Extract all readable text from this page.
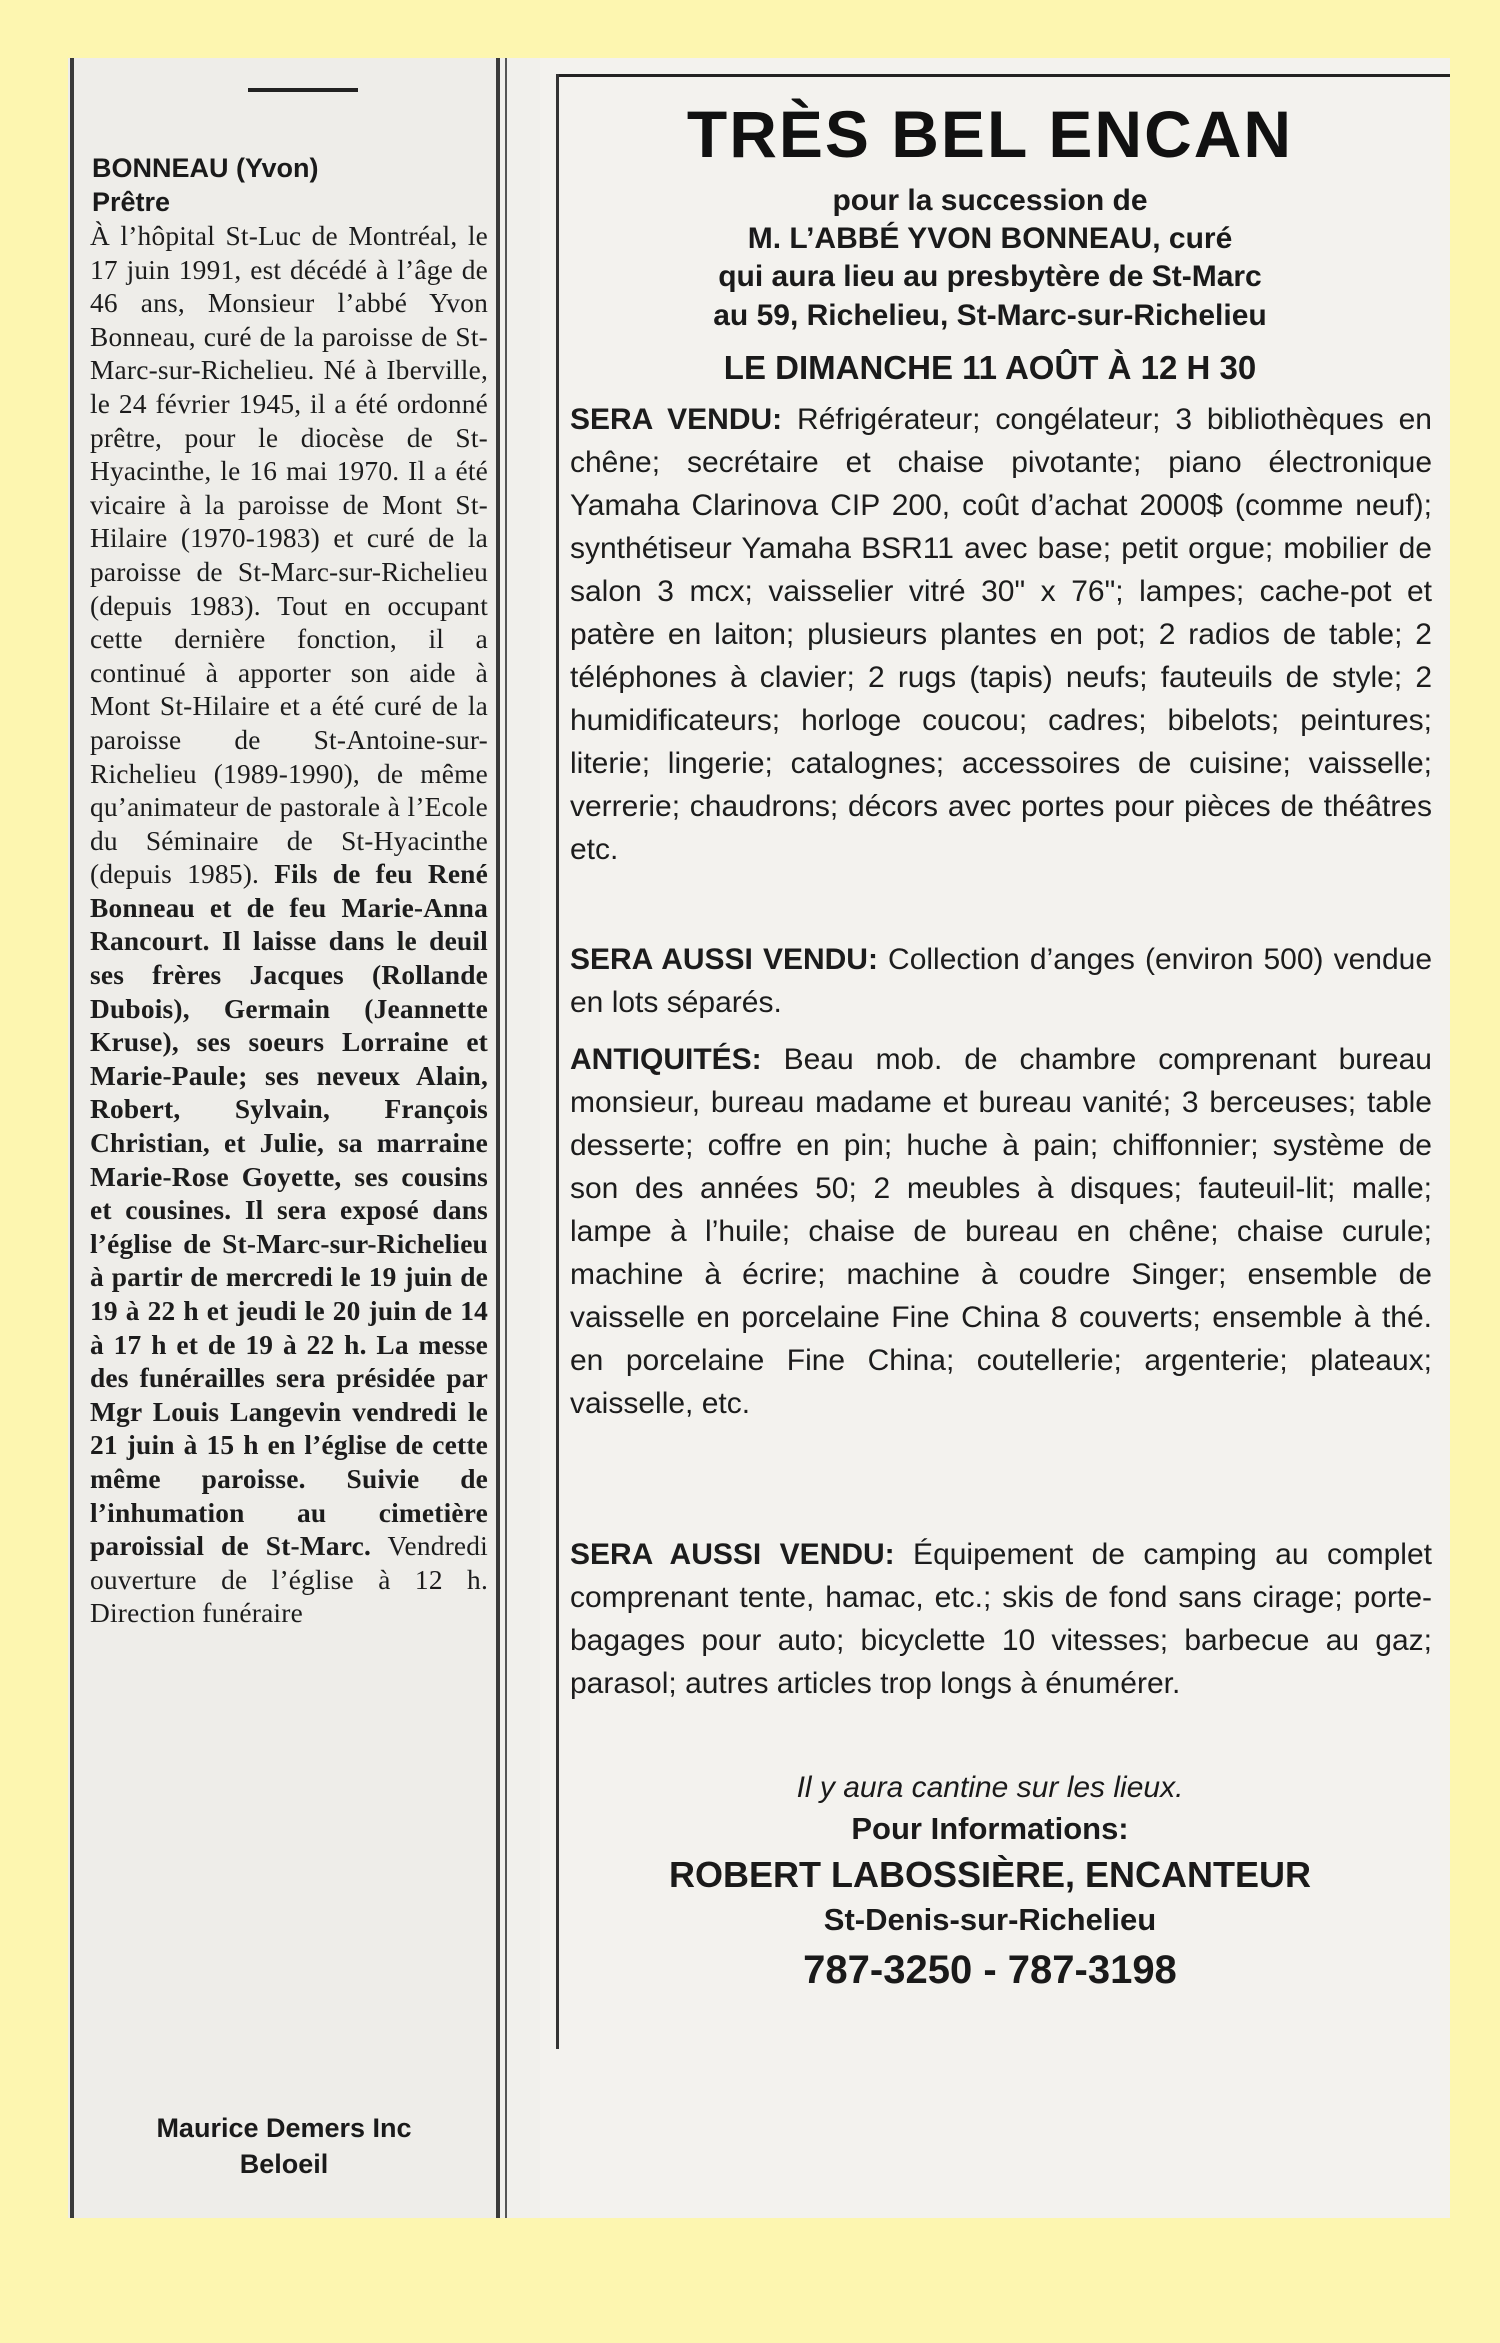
BONNEAU (Yvon)
Prêtre
À l’hôpital St-Luc de Montréal, le 17 juin 1991, est décédé à l’âge de 46 ans, Monsieur l’abbé Yvon Bonneau, curé de la paroisse de St-Marc-sur-Richelieu. Né à Iberville, le 24 février 1945, il a été ordonné prêtre, pour le diocèse de St-Hyacinthe, le 16 mai 1970. Il a été vicaire à la paroisse de Mont St-Hilaire (1970-1983) et curé de la paroisse de St-Marc-sur-Richelieu (depuis 1983). Tout en occupant cette dernière fonction, il a continué à apporter son aide à Mont St-Hilaire et a été curé de la paroisse de St-Antoine-sur-Richelieu (1989-1990), de même qu’animateur de pastorale à l’Ecole du Séminaire de St-Hyacinthe (depuis 1985). Fils de feu René Bonneau et de feu Marie-Anna Rancourt. Il laisse dans le deuil ses frères Jacques (Rollande Dubois), Germain (Jeannette Kruse), ses soeurs Lorraine et Marie-Paule; ses neveux Alain, Robert, Sylvain, François Christian, et Julie, sa marraine Marie-Rose Goyette, ses cousins et cousines. Il sera exposé dans l’église de St-Marc-sur-Richelieu à partir de mercredi le 19 juin de 19 à 22 h et jeudi le 20 juin de 14 à 17 h et de 19 à 22 h. La messe des funérailles sera présidée par Mgr Louis Langevin vendredi le 21 juin à 15 h en l’église de cette même paroisse. Suivie de l’inhumation au cimetière paroissial de St-Marc. Vendredi ouverture de l’église à 12 h. Direction funéraire
Maurice Demers Inc
Beloeil
TRÈS BEL ENCAN
pour la succession de
M. L’ABBÉ YVON BONNEAU, curé
qui aura lieu au presbytère de St-Marc
au 59, Richelieu, St-Marc-sur-Richelieu
LE DIMANCHE 11 AOÛT À 12 H 30
SERA VENDU: Réfrigérateur; congélateur; 3 bibliothèques en chêne; secrétaire et chaise pivotante; piano électronique Yamaha Clarinova CIP 200, coût d’achat 2000$ (comme neuf); synthétiseur Yamaha BSR11 avec base; petit orgue; mobilier de salon 3 mcx; vaisselier vitré 30" x 76"; lampes; cache-pot et patère en laiton; plusieurs plantes en pot; 2 radios de table; 2 téléphones à clavier; 2 rugs (tapis) neufs; fauteuils de style; 2 humidificateurs; horloge coucou; cadres; bibelots; peintures; literie; lingerie; catalognes; accessoires de cuisine; vaisselle; verrerie; chaudrons; décors avec portes pour pièces de théâtres etc.
SERA AUSSI VENDU: Collection d’anges (environ 500) vendue en lots séparés.
ANTIQUITÉS: Beau mob. de chambre comprenant bureau monsieur, bureau madame et bureau vanité; 3 berceuses; table desserte; coffre en pin; huche à pain; chiffonnier; système de son des années 50; 2 meubles à disques; fauteuil-lit; malle; lampe à l’huile; chaise de bureau en chêne; chaise curule; machine à écrire; machine à coudre Singer; ensemble de vaisselle en porcelaine Fine China 8 couverts; ensemble à thé. en porcelaine Fine China; coutellerie; argenterie; plateaux; vaisselle, etc.
SERA AUSSI VENDU: Équipement de camping au complet comprenant tente, hamac, etc.; skis de fond sans cirage; porte-bagages pour auto; bicyclette 10 vitesses; barbecue au gaz; parasol; autres articles trop longs à énumérer.
Il y aura cantine sur les lieux.
Pour Informations:
ROBERT LABOSSIÈRE, ENCANTEUR
St-Denis-sur-Richelieu
787-3250 - 787-3198
